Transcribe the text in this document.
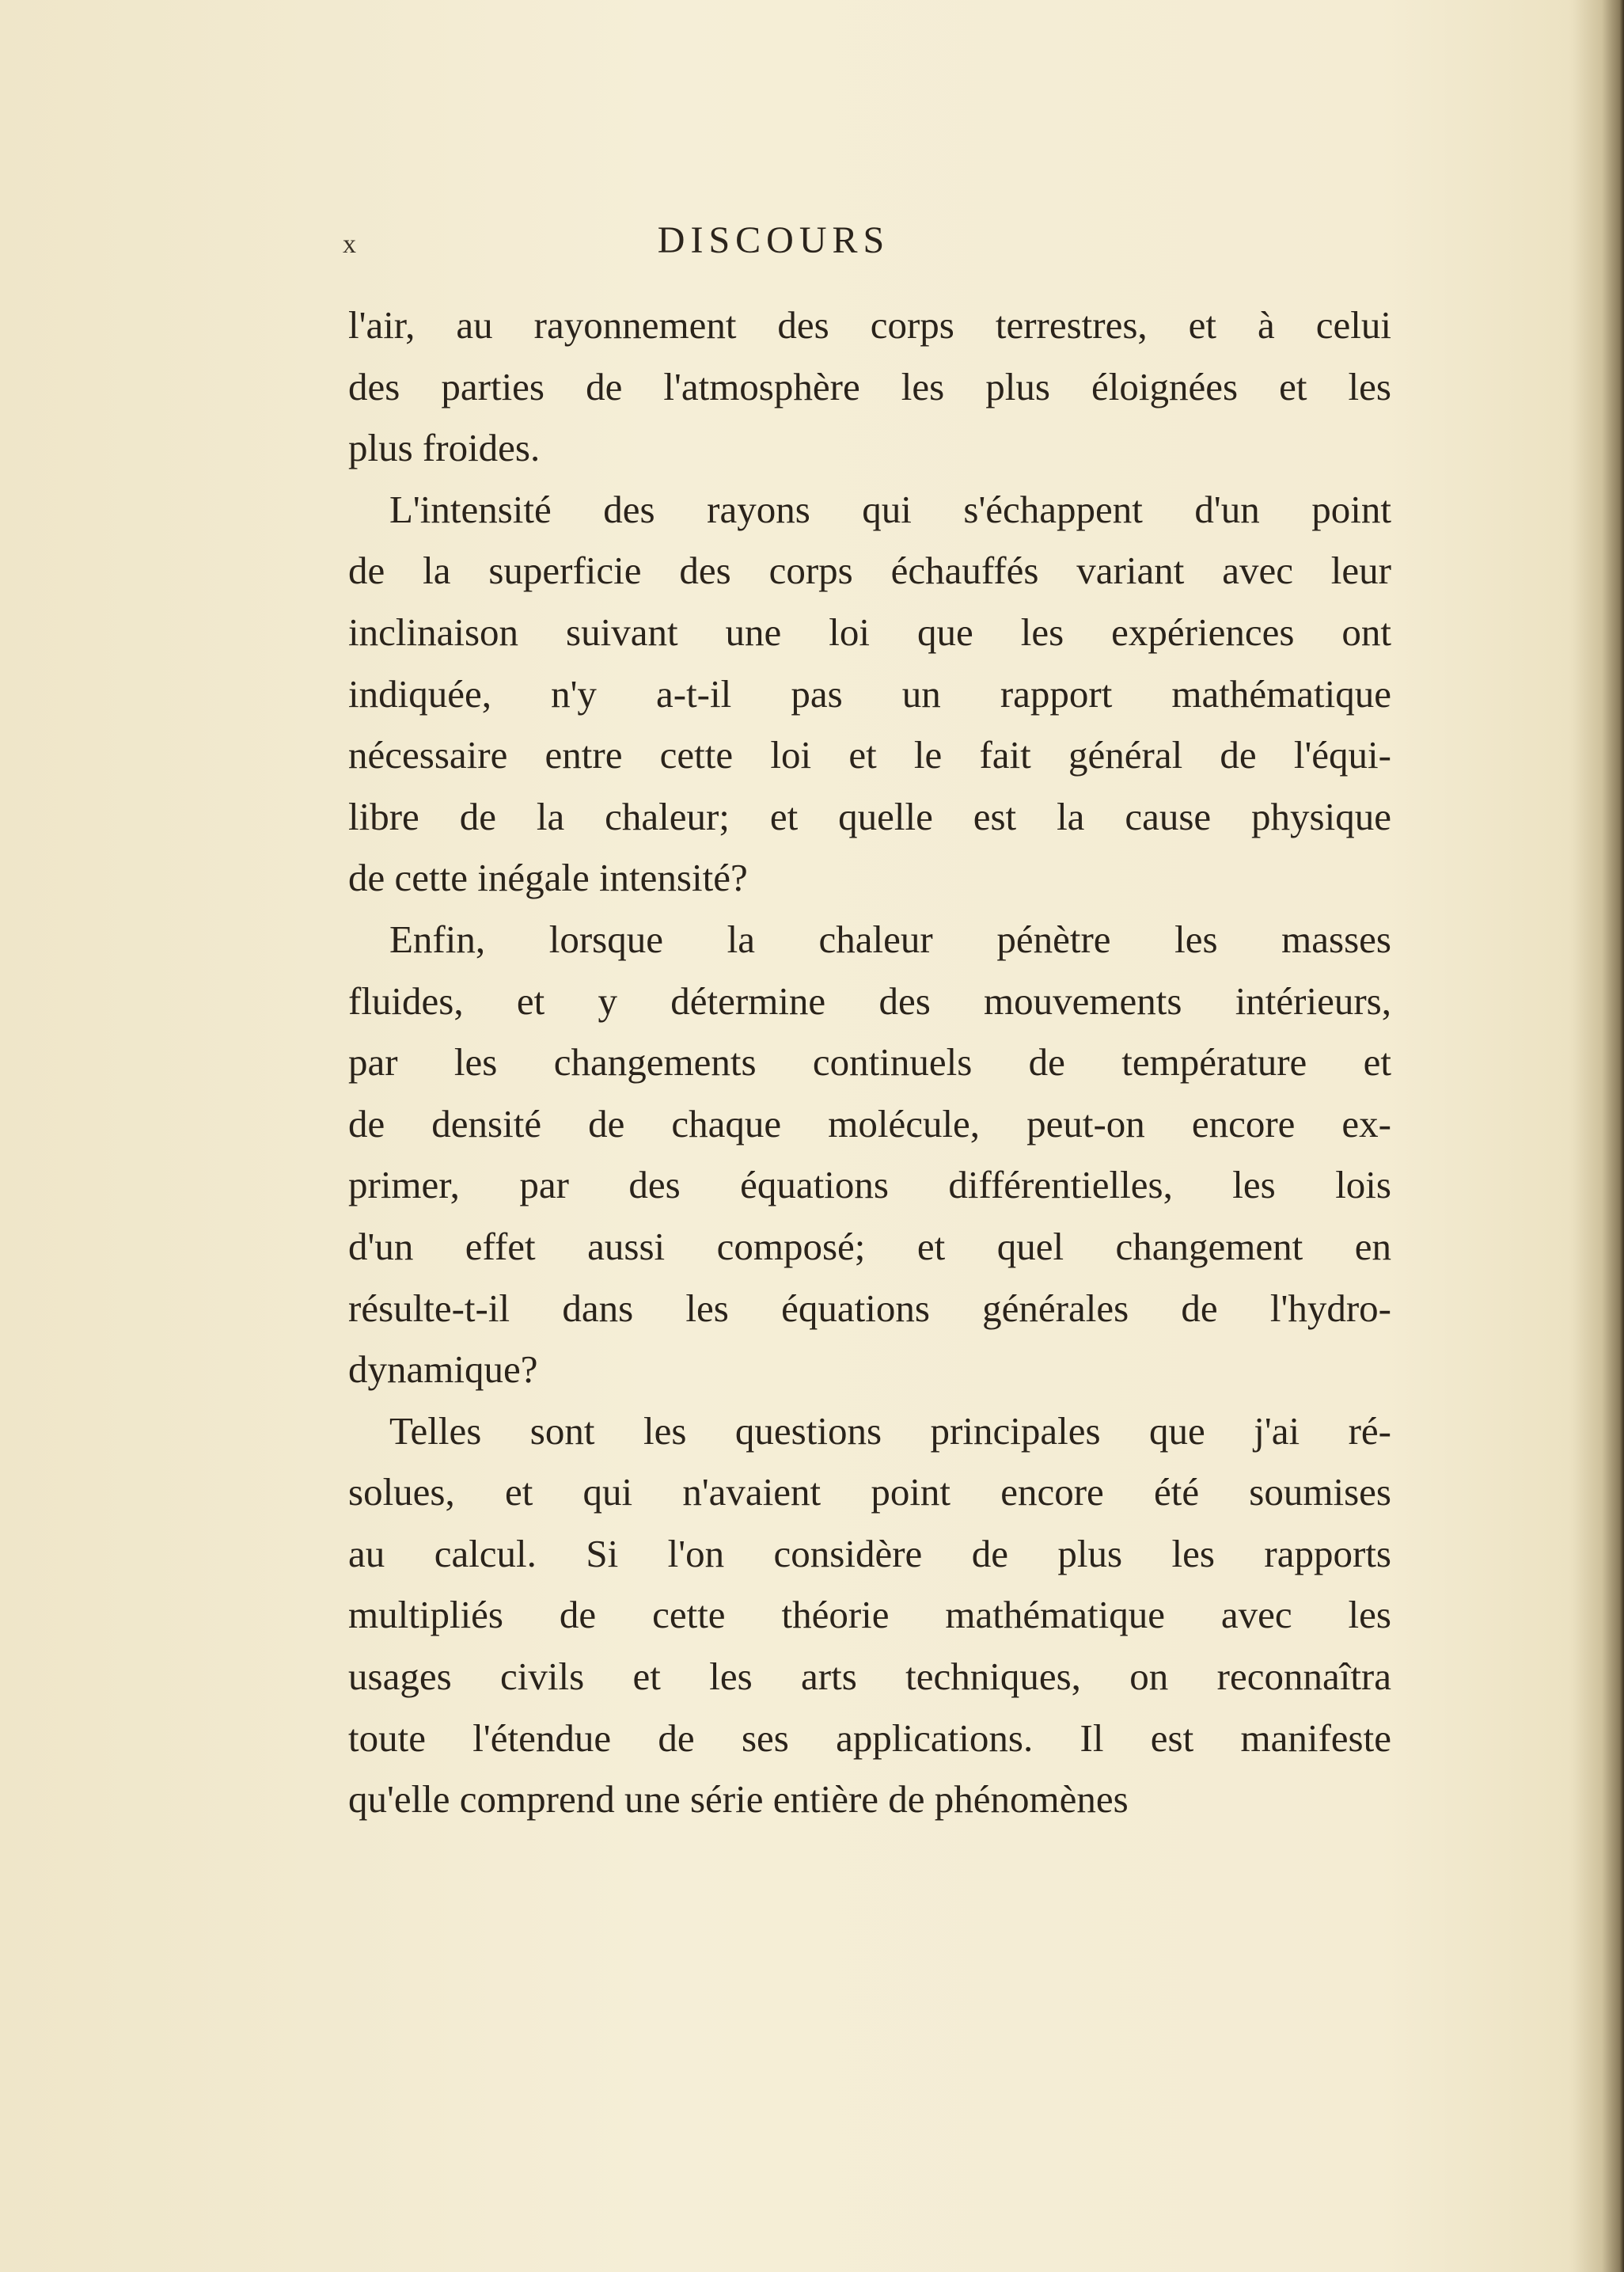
x	DISCOURS
l'air, au rayonnement des corps terrestres, et à celui
des parties de l'atmosphère les plus éloignées et les
plus froides.
L'intensité des rayons qui s'échappent d'un point
de la superficie des corps échauffés variant avec leur
inclinaison suivant une loi que les expériences ont
indiquée, n'y a-t-il pas un rapport mathématique
nécessaire entre cette loi et le fait général de l'équi-
libre de la chaleur; et quelle est la cause physique
de cette inégale intensité?
Enfin, lorsque la chaleur pénètre les masses
fluides, et y détermine des mouvements intérieurs,
par les changements continuels de température et
de densité de chaque molécule, peut-on encore ex-
primer, par des équations différentielles, les lois
d'un effet aussi composé; et quel changement en
résulte-t-il dans les équations générales de l'hydro-
dynamique?
Telles sont les questions principales que j'ai ré-
solues, et qui n'avaient point encore été soumises
au calcul. Si l'on considère de plus les rapports
multipliés de cette théorie mathématique avec les
usages civils et les arts techniques, on reconnaîtra
toute l'étendue de ses applications. Il est manifeste
qu'elle comprend une série entière de phénomènes
